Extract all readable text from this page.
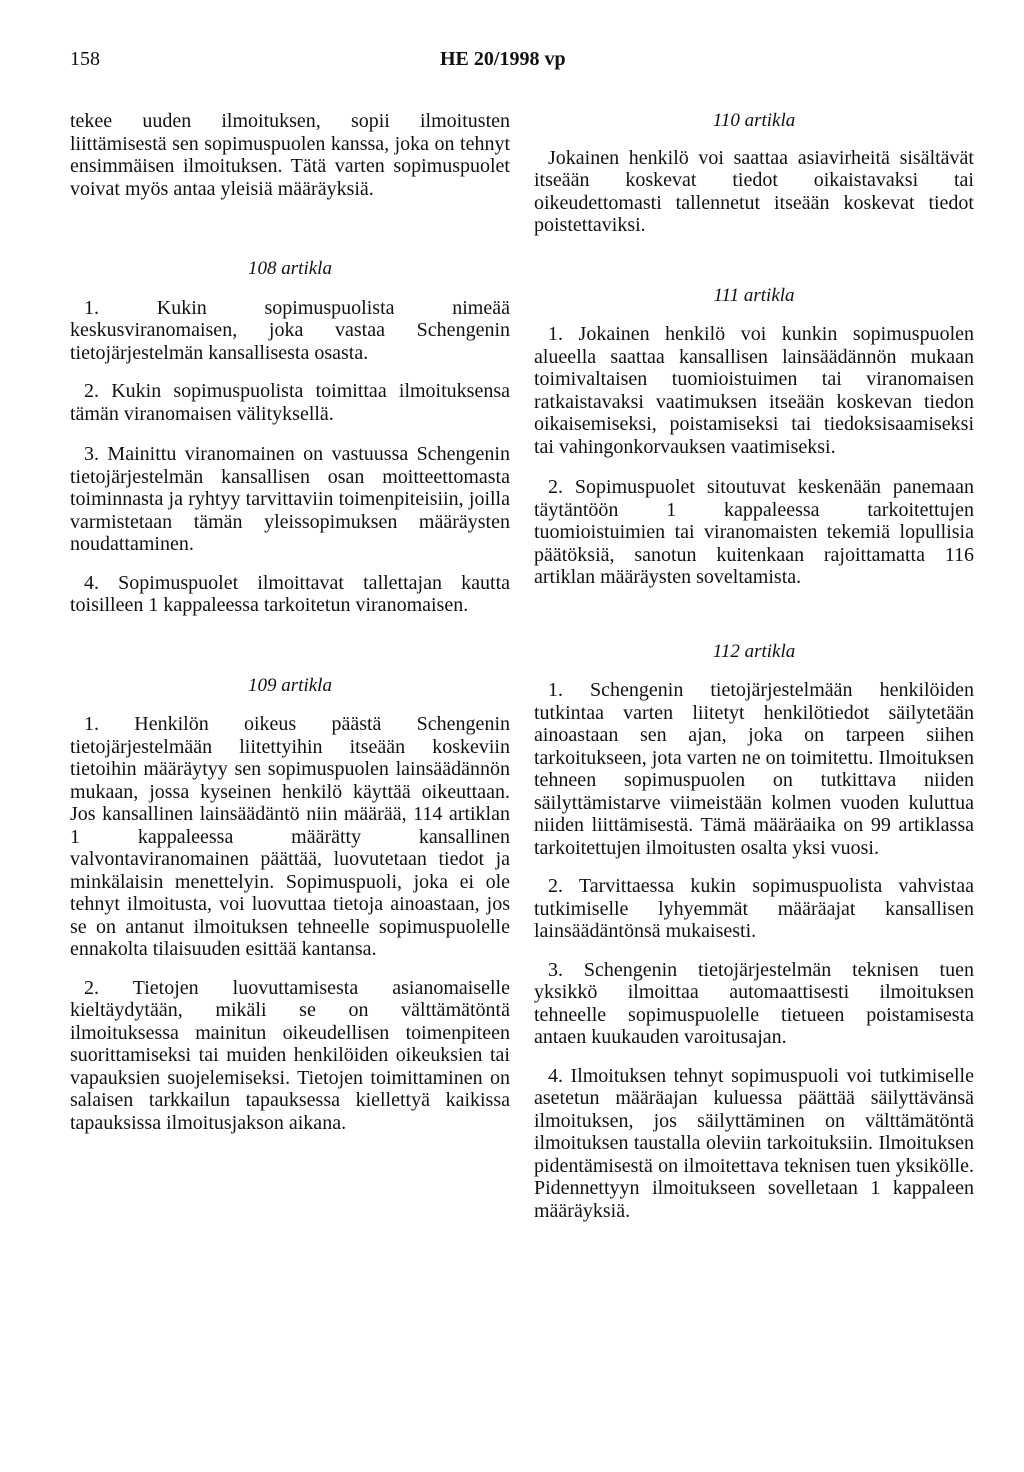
158	HE 20/1998 vp

tekee uuden ilmoituksen, sopii ilmoitusten liittämisestä sen sopimuspuolen kanssa, joka on tehnyt ensimmäisen ilmoituksen. Tätä varten sopimuspuolet voivat myös antaa yleisiä määräyksiä.

108 artikla

1. Kukin sopimuspuolista nimeää keskusviranomaisen, joka vastaa Schengenin tietojärjestelmän kansallisesta osasta.

2. Kukin sopimuspuolista toimittaa ilmoituksensa tämän viranomaisen välityksellä.

3. Mainittu viranomainen on vastuussa Schengenin tietojärjestelmän kansallisen osan moitteettomasta toiminnasta ja ryhtyy tarvittaviin toimenpiteisiin, joilla varmistetaan tämän yleissopimuksen määräysten noudattaminen.

4. Sopimuspuolet ilmoittavat tallettajan kautta toisilleen 1 kappaleessa tarkoitetun viranomaisen.

109 artikla

1. Henkilön oikeus päästä Schengenin tietojärjestelmään liitettyihin itseään koskeviin tietoihin määräytyy sen sopimuspuolen lainsäädännön mukaan, jossa kyseinen henkilö käyttää oikeuttaan. Jos kansallinen lainsäädäntö niin määrää, 114 artiklan 1 kappaleessa määrätty kansallinen valvontaviranomainen päättää, luovutetaan tiedot ja minkälaisin menettelyin. Sopimuspuoli, joka ei ole tehnyt ilmoitusta, voi luovuttaa tietoja ainoastaan, jos se on antanut ilmoituksen tehneelle sopimuspuolelle ennakolta tilaisuuden esittää kantansa.

2. Tietojen luovuttamisesta asianomaiselle kieltäydytään, mikäli se on välttämätöntä ilmoituksessa mainitun oikeudellisen toimenpiteen suorittamiseksi tai muiden henkilöiden oikeuksien tai vapauksien suojelemiseksi. Tietojen toimittaminen on salaisen tarkkailun tapauksessa kiellettyä kaikissa tapauksissa ilmoitusjakson aikana.

110 artikla

Jokainen henkilö voi saattaa asiavirheitä sisältävät itseään koskevat tiedot oikaistavaksi tai oikeudettomasti tallennetut itseään koskevat tiedot poistettaviksi.

111 artikla

1. Jokainen henkilö voi kunkin sopimuspuolen alueella saattaa kansallisen lainsäädännön mukaan toimivaltaisen tuomioistuimen tai viranomaisen ratkaistavaksi vaatimuksen itseään koskevan tiedon oikaisemiseksi, poistamiseksi tai tiedoksisaamiseksi tai vahingonkorvauksen vaatimiseksi.

2. Sopimuspuolet sitoutuvat keskenään panemaan täytäntöön 1 kappaleessa tarkoitettujen tuomioistuimien tai viranomaisten tekemiä lopullisia päätöksiä, sanotun kuitenkaan rajoittamatta 116 artiklan määräysten soveltamista.

112 artikla

1. Schengenin tietojärjestelmään henkilöiden tutkintaa varten liitetyt henkilötiedot säilytetään ainoastaan sen ajan, joka on tarpeen siihen tarkoitukseen, jota varten ne on toimitettu. Ilmoituksen tehneen sopimuspuolen on tutkittava niiden säilyttämistarve viimeistään kolmen vuoden kuluttua niiden liittämisestä. Tämä määräaika on 99 artiklassa tarkoitettujen ilmoitusten osalta yksi vuosi.

2. Tarvittaessa kukin sopimuspuolista vahvistaa tutkimiselle lyhyemmät määräajat kansallisen lainsäädäntönsä mukaisesti.

3. Schengenin tietojärjestelmän teknisen tuen yksikkö ilmoittaa automaattisesti ilmoituksen tehneelle sopimuspuolelle tietueen poistamisesta antaen kuukauden varoitusajan.

4. Ilmoituksen tehnyt sopimuspuoli voi tutkimiselle asetetun määräajan kuluessa päättää säilyttävänsä ilmoituksen, jos säilyttäminen on välttämätöntä ilmoituksen taustalla oleviin tarkoituksiin. Ilmoituksen pidentämisestä on ilmoitettava teknisen tuen yksikölle. Pidennettyyn ilmoitukseen sovelletaan 1 kappaleen määräyksiä.
